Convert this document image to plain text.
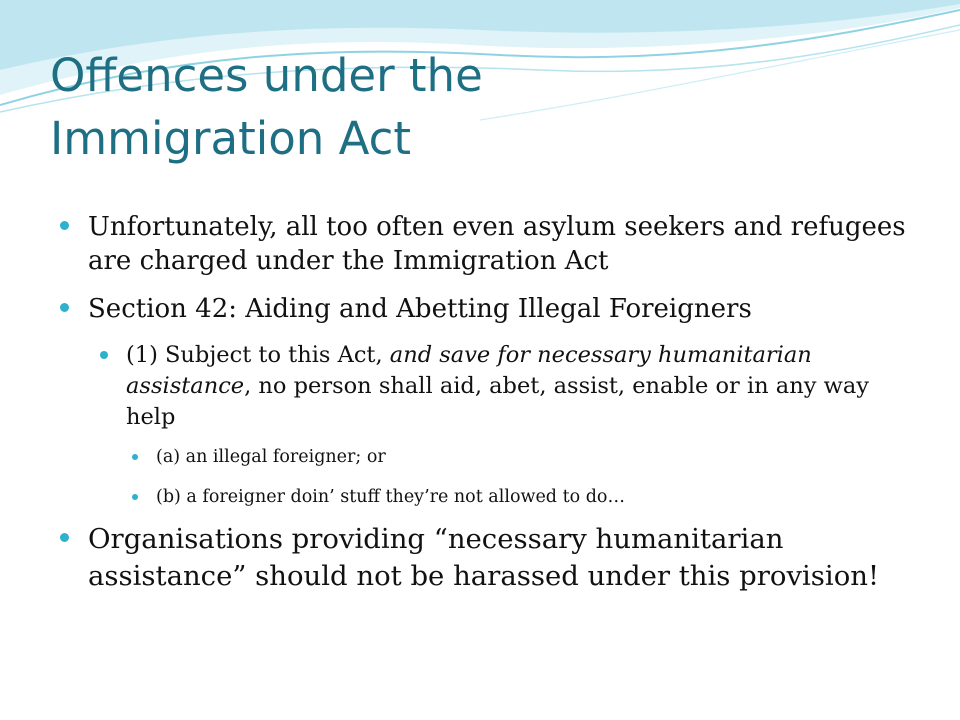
Offences under the
Immigration Act
Unfortunately, all too often even asylum seekers and refugees are charged under the Immigration Act
Section 42: Aiding and Abetting Illegal Foreigners
(1) Subject to this Act, and save for necessary humanitarian assistance, no person shall aid, abet, assist, enable or in any way help
(a) an illegal foreigner; or
(b) a foreigner doin’ stuff they’re not allowed to do…
Organisations providing “necessary humanitarian assistance” should not be harassed under this provision!
